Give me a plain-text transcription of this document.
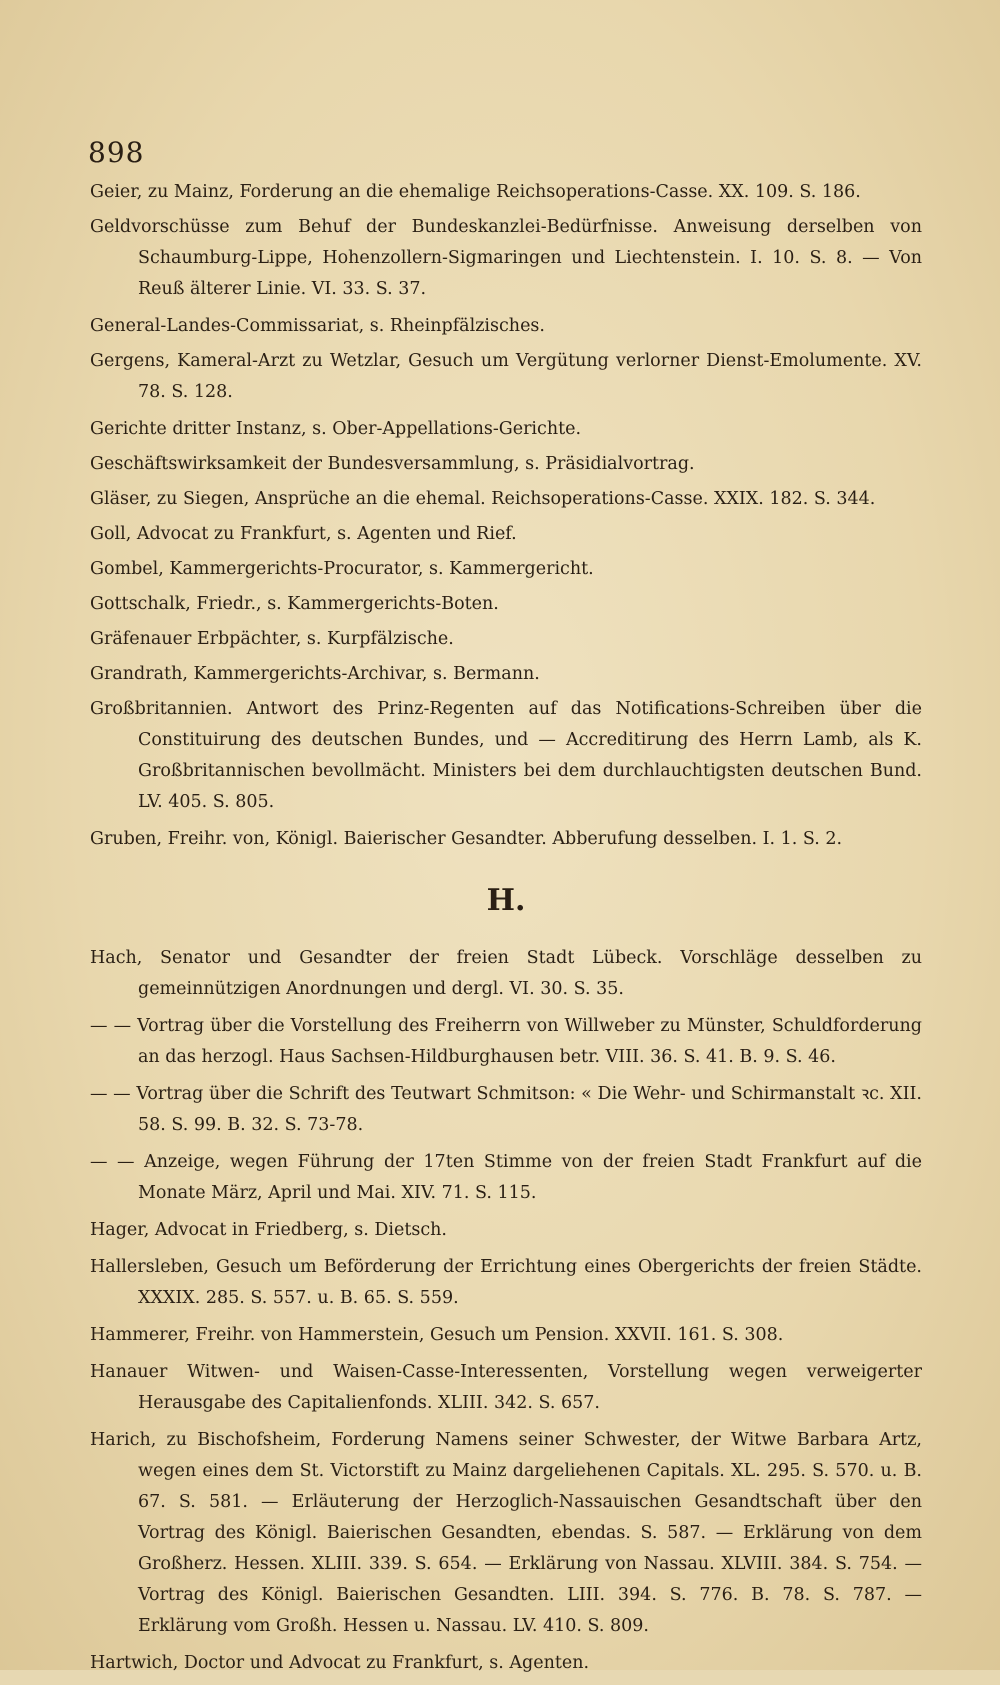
898

Geier, zu Mainz, Forderung an die ehemalige Reichsoperations-Casse. XX. 109. S. 186.

Geldvorschüsse zum Behuf der Bundeskanzlei-Bedürfnisse. Anweisung derselben von Schaumburg-Lippe, Hohenzollern-Sigmaringen und Liechtenstein. I. 10. S. 8. — Von Reuß älterer Linie. VI. 33. S. 37.

General-Landes-Commissariat, s. Rheinpfälzisches.

Gergens, Kameral-Arzt zu Wetzlar, Gesuch um Vergütung verlorner Dienst-Emolumente. XV. 78. S. 128.

Gerichte dritter Instanz, s. Ober-Appellations-Gerichte.

Geschäftswirksamkeit der Bundesversammlung, s. Präsidialvortrag.

Gläser, zu Siegen, Ansprüche an die ehemal. Reichsoperations-Casse. XXIX. 182. S. 344.

Goll, Advocat zu Frankfurt, s. Agenten und Rief.

Gombel, Kammergerichts-Procurator, s. Kammergericht.

Gottschalk, Friedr., s. Kammergerichts-Boten.

Gräfenauer Erbpächter, s. Kurpfälzische.

Grandrath, Kammergerichts-Archivar, s. Bermann.

Großbritannien. Antwort des Prinz-Regenten auf das Notifications-Schreiben über die Constituirung des deutschen Bundes, und — Accreditirung des Herrn Lamb, als K. Großbritannischen bevollmächt. Ministers bei dem durchlauchtigsten deutschen Bund. LV. 405. S. 805.

Gruben, Freihr. von, Königl. Baierischer Gesandter. Abberufung desselben. I. 1. S. 2.

H.

Hach, Senator und Gesandter der freien Stadt Lübeck. Vorschläge desselben zu gemeinnützigen Anordnungen und dergl. VI. 30. S. 35.

— — Vortrag über die Vorstellung des Freiherrn von Willweber zu Münster, Schuldforderung an das herzogl. Haus Sachsen-Hildburghausen betr. VIII. 36. S. 41. B. 9. S. 46.

— — Vortrag über die Schrift des Teutwart Schmitson: « Die Wehr- und Schirmanstalt ꝛc. XII. 58. S. 99. B. 32. S. 73-78.

— — Anzeige, wegen Führung der 17ten Stimme von der freien Stadt Frankfurt auf die Monate März, April und Mai. XIV. 71. S. 115.

Hager, Advocat in Friedberg, s. Dietsch.

Hallersleben, Gesuch um Beförderung der Errichtung eines Obergerichts der freien Städte. XXXIX. 285. S. 557. u. B. 65. S. 559.

Hammerer, Freihr. von Hammerstein, Gesuch um Pension. XXVII. 161. S. 308.

Hanauer Witwen- und Waisen-Casse-Interessenten, Vorstellung wegen verweigerter Herausgabe des Capitalienfonds. XLIII. 342. S. 657.

Harich, zu Bischofsheim, Forderung Namens seiner Schwester, der Witwe Barbara Artz, wegen eines dem St. Victorstift zu Mainz dargeliehenen Capitals. XL. 295. S. 570. u. B. 67. S. 581. — Erläuterung der Herzoglich-Nassauischen Gesandtschaft über den Vortrag des Königl. Baierischen Gesandten, ebendas. S. 587. — Erklärung von dem Großherz. Hessen. XLIII. 339. S. 654. — Erklärung von Nassau. XLVIII. 384. S. 754. — Vortrag des Königl. Baierischen Gesandten. LIII. 394. S. 776. B. 78. S. 787. — Erklärung vom Großh. Hessen u. Nassau. LV. 410. S. 809.

Hartwich, Doctor und Advocat zu Frankfurt, s. Agenten.
